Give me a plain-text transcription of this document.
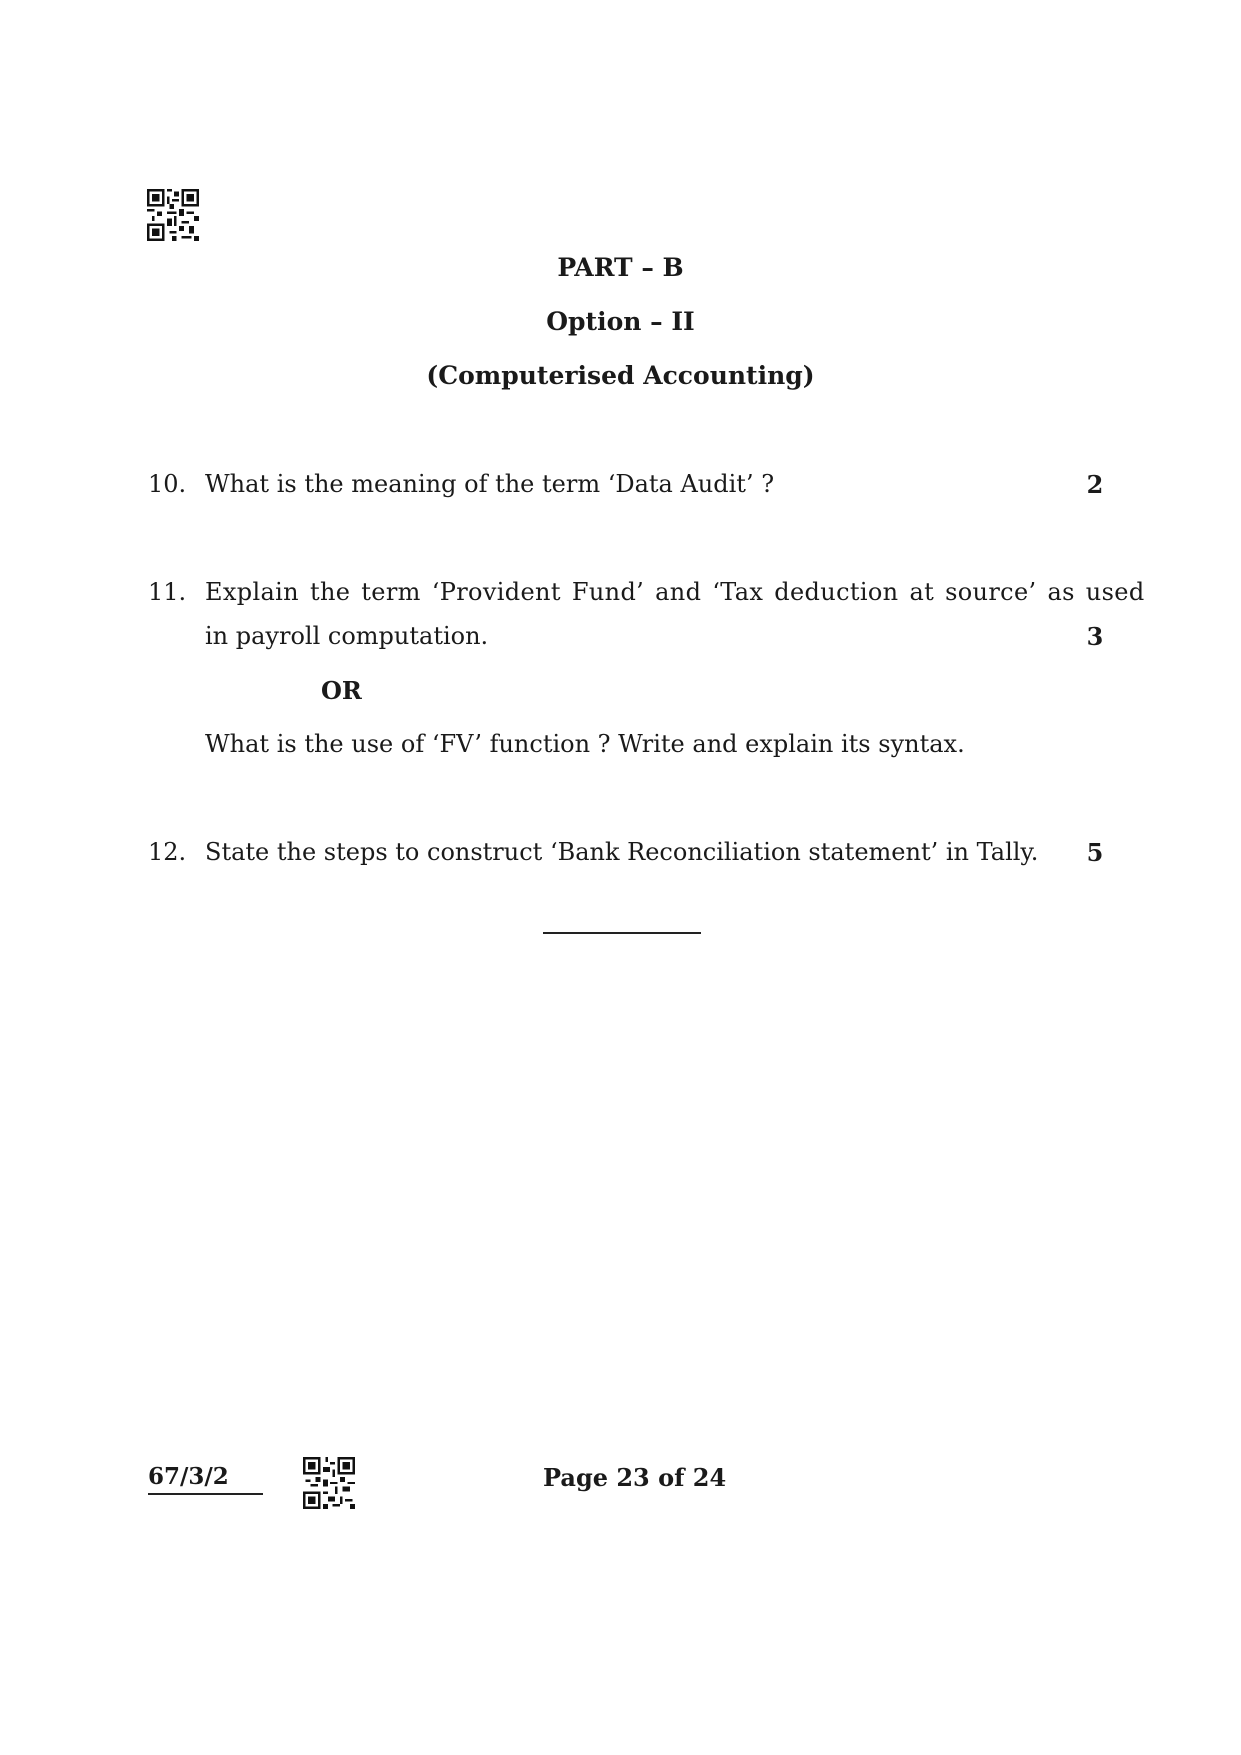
PART – B
Option – II
(Computerised Accounting)
10. What is the meaning of the term ‘Data Audit’ ?	2
11. Explain the term ‘Provident Fund’ and ‘Tax deduction at source’ as used
in payroll computation.	3
OR
What is the use of ‘FV’ function ? Write and explain its syntax.
12. State the steps to construct ‘Bank Reconciliation statement’ in Tally. 5
67/3/2	Page 23 of 24
